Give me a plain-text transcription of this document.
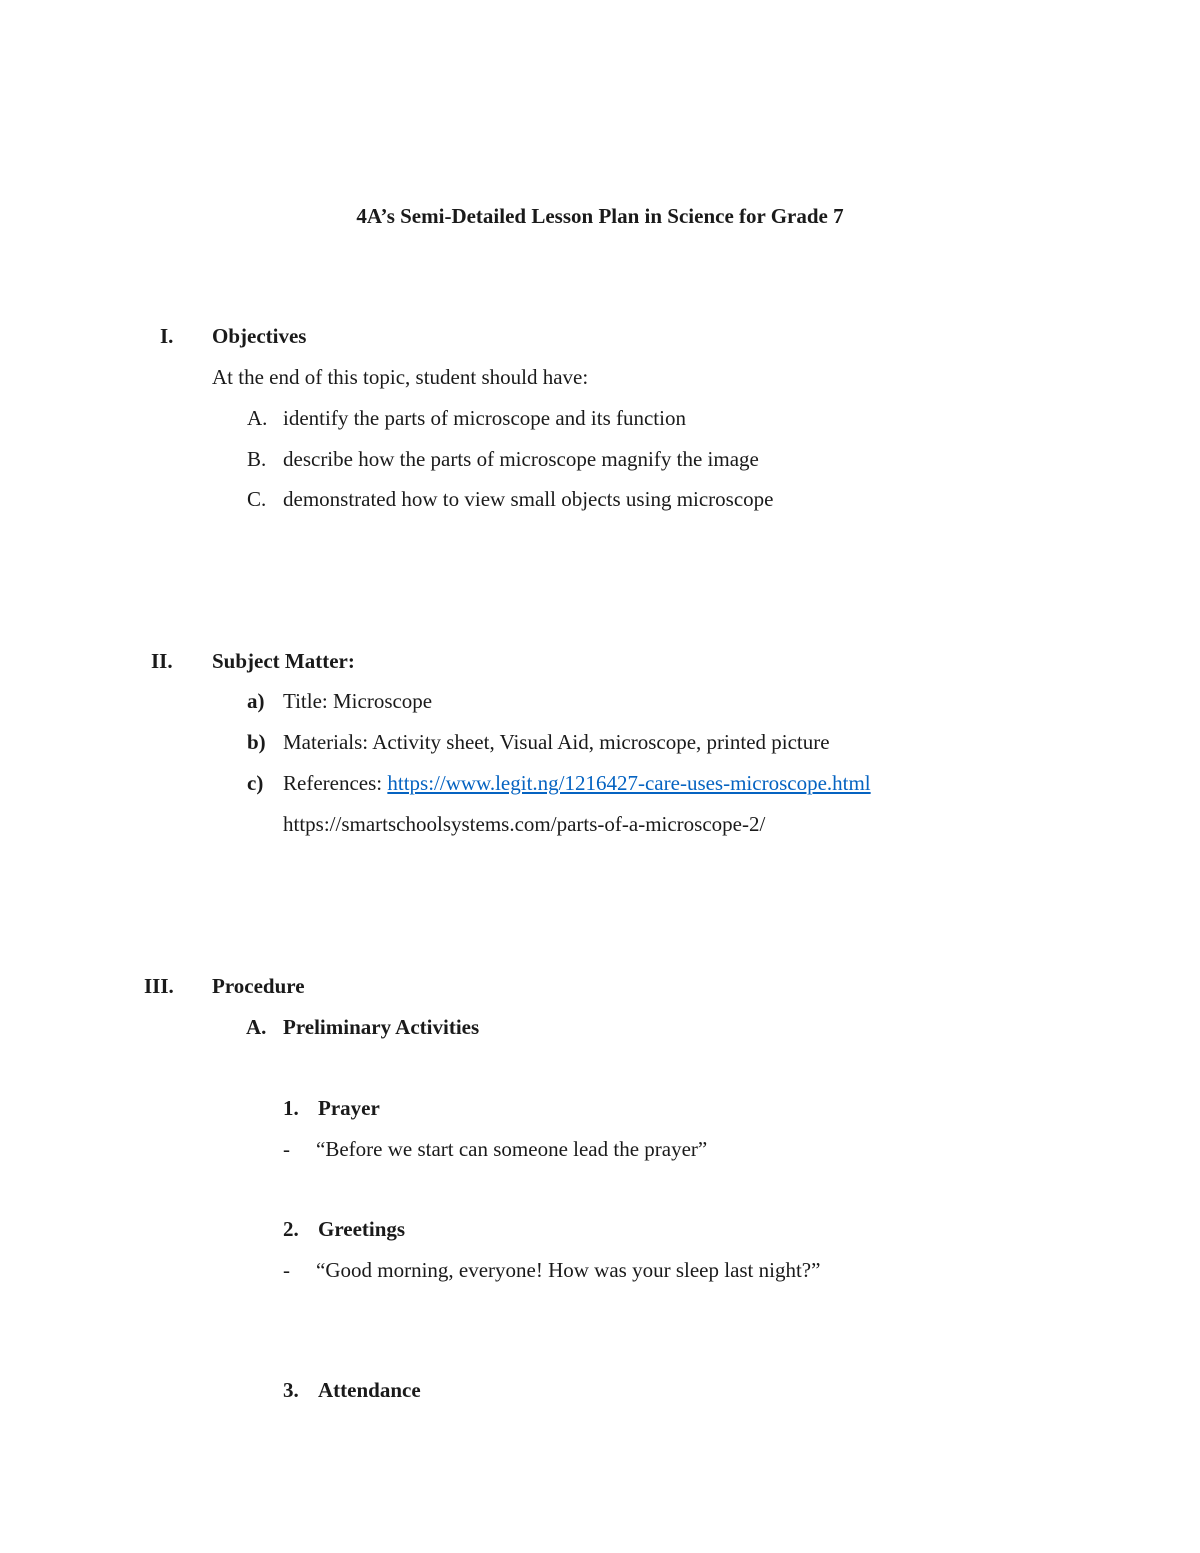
4A’s Semi-Detailed Lesson Plan in Science for Grade 7
I. Objectives
At the end of this topic, student should have:
A. identify the parts of microscope and its function
B. describe how the parts of microscope magnify the image
C. demonstrated how to view small objects using microscope
II. Subject Matter:
a) Title: Microscope
b) Materials: Activity sheet, Visual Aid, microscope, printed picture
c) References: https://www.legit.ng/1216427-care-uses-microscope.html
https://smartschoolsystems.com/parts-of-a-microscope-2/
III. Procedure
A. Preliminary Activities
1. Prayer
- “Before we start can someone lead the prayer”
2. Greetings
- “Good morning, everyone! How was your sleep last night?”
3. Attendance
